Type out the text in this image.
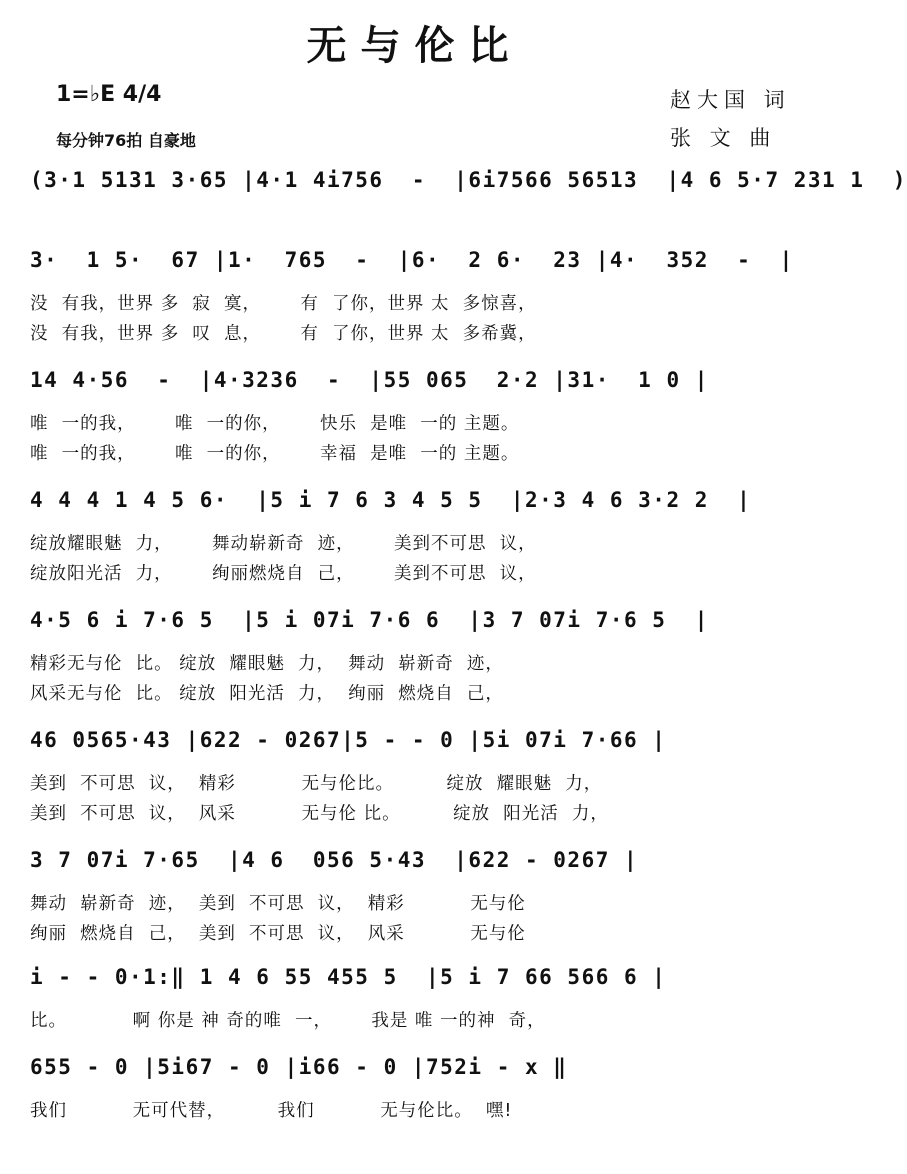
无与伦比
1=♭E 4/4
每分钟76拍 自豪地
赵大国 词
张 文 曲
(3·1 5131 3·65 |4·1 4i756  -  |6i7566 56513  |4 6 5·7 231 1  )
3·  1 5·  67 |1·  765  -  |6·  2 6·  23 |4·  352  -  |
没  有我，世界 多  寂  寞，      有  了你，世界 太  多惊喜，
没  有我，世界 多  叹  息，      有  了你，世界 太  多希冀，
14 4·56  -  |4·3236  -  |55 065  2·2 |31·  1 0 |
唯  一的我，      唯  一的你，      快乐  是唯  一的 主题。
唯  一的我，      唯  一的你，      幸福  是唯  一的 主题。
4 4 4 1 4 5 6·  |5 i 7 6 3 4 5 5  |2·3 4 6 3·2 2  |
绽放耀眼魅  力，      舞动崭新奇  迹，      美到不可思  议，
绽放阳光活  力，      绚丽燃烧自  己，      美到不可思  议，
4·5 6 i 7·6 5  |5 i 07i 7·6 6  |3 7 07i 7·6 5  |
精彩无与伦  比。 绽放  耀眼魅  力，  舞动  崭新奇  迹，
风采无与伦  比。 绽放  阳光活  力，  绚丽  燃烧自  己，
46 0565·43 |622 - 0267|5 - - 0 |5i 07i 7·66 |
美到  不可思  议，  精彩          无与伦比。        绽放  耀眼魅  力，
美到  不可思  议，  风采          无与伦 比。        绽放  阳光活  力，
3 7 07i 7·65  |4 6  056 5·43  |622 - 0267 |
舞动  崭新奇  迹，  美到  不可思  议，  精彩          无与伦
绚丽  燃烧自  己，  美到  不可思  议，  风采          无与伦
i - - 0·1:‖ 1 4 6 55 455 5  |5 i 7 66 566 6 |
比。          啊 你是 神 奇的唯  一，      我是 唯 一的神  奇，
655 - 0 |5i67 - 0 |i66 - 0 |752i - x ‖
我们          无可代替，        我们          无与伦比。  嘿!
